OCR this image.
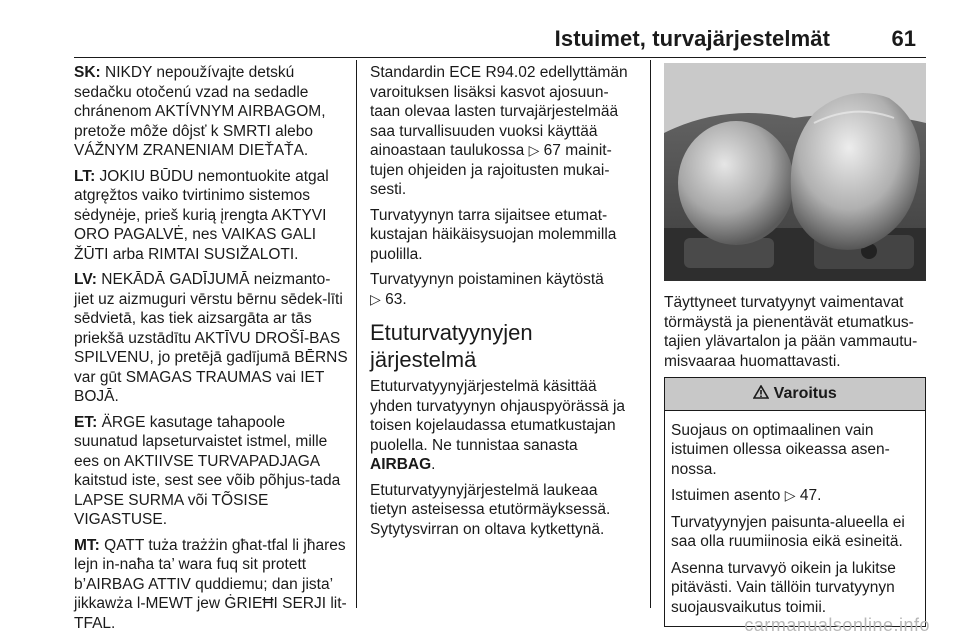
Istuimet, turvajärjestelmät	61

SK: NIKDY nepoužívajte detskú sedačku otočenú vzad na sedadle chránenom AKTÍVNYM AIRBAGOM, pretože môže dôjsť k SMRTI alebo VÁŽNYM ZRANENIAM DIEŤAŤA.

LT: JOKIU BŪDU nemontuokite atgal atgręžtos vaiko tvirtinimo sistemos sėdynėje, prieš kurią įrengta AKTYVI ORO PAGALVĖ, nes VAIKAS GALI ŽŪTI arba RIMTAI SUSIŽALOTI.

LV: NEKĀDĀ GADĪJUMĀ neizmanto-jiet uz aizmuguri vērstu bērnu sēdek-līti sēdvietā, kas tiek aizsargāta ar tās priekšā uzstādītu AKTĪVU DROŠĪ-BAS SPILVENU, jo pretējā gadījumā BĒRNS var gūt SMAGAS TRAUMAS vai IET BOJĀ.

ET: ÄRGE kasutage tahapoole suunatud lapseturvaistet istmel, mille ees on AKTIIVSE TURVAPADJAGA kaitstud iste, sest see võib põhjus-tada LAPSE SURMA või TÕSISE VIGASTUSE.

MT: QATT tuża trażżin għat-tfal li jħares lejn in-naħa ta’ wara fuq sit protett b’AIRBAG ATTIV quddiemu; dan jista’ jikkawża l-MEWT jew ĠRIEĦI SERJI lit-TFAL.

Standardin ECE R94.02 edellyttämän varoituksen lisäksi kasvot ajosuun-taan olevaa lasten turvajärjestelmää saa turvallisuuden vuoksi käyttää ainoastaan taulukossa ▷ 67 mainit-tujen ohjeiden ja rajoitusten mukai-sesti.

Turvatyynyn tarra sijaitsee etumat-kustajan häikäisysuojan molemmilla puolilla.

Turvatyynyn poistaminen käytöstä
▷ 63.

Etuturvatyynyjen järjestelmä

Etuturvatyynyjärjestelmä käsittää yhden turvatyynyn ohjauspyörässä ja toisen kojelaudassa etumatkustajan puolella. Ne tunnistaa sanasta AIRBAG.

Etuturvatyynyjärjestelmä laukeaa tietyn asteisessa etutörmäyksessä. Sytytysvirran on oltava kytkettynä.

Täyttyneet turvatyynyt vaimentavat törmäystä ja pienentävät etumatkus-tajien ylävartalon ja pään vammautu-misvaaraa huomattavasti.

Varoitus

Suojaus on optimaalinen vain istuimen ollessa oikeassa asen-nossa.

Istuimen asento ▷ 47.

Turvatyynyjen paisunta-alueella ei saa olla ruumiinosia eikä esineitä.

Asenna turvavyö oikein ja lukitse pitävästi. Vain tällöin turvatyynyn suojausvaikutus toimii.

carmanualsonline.info
